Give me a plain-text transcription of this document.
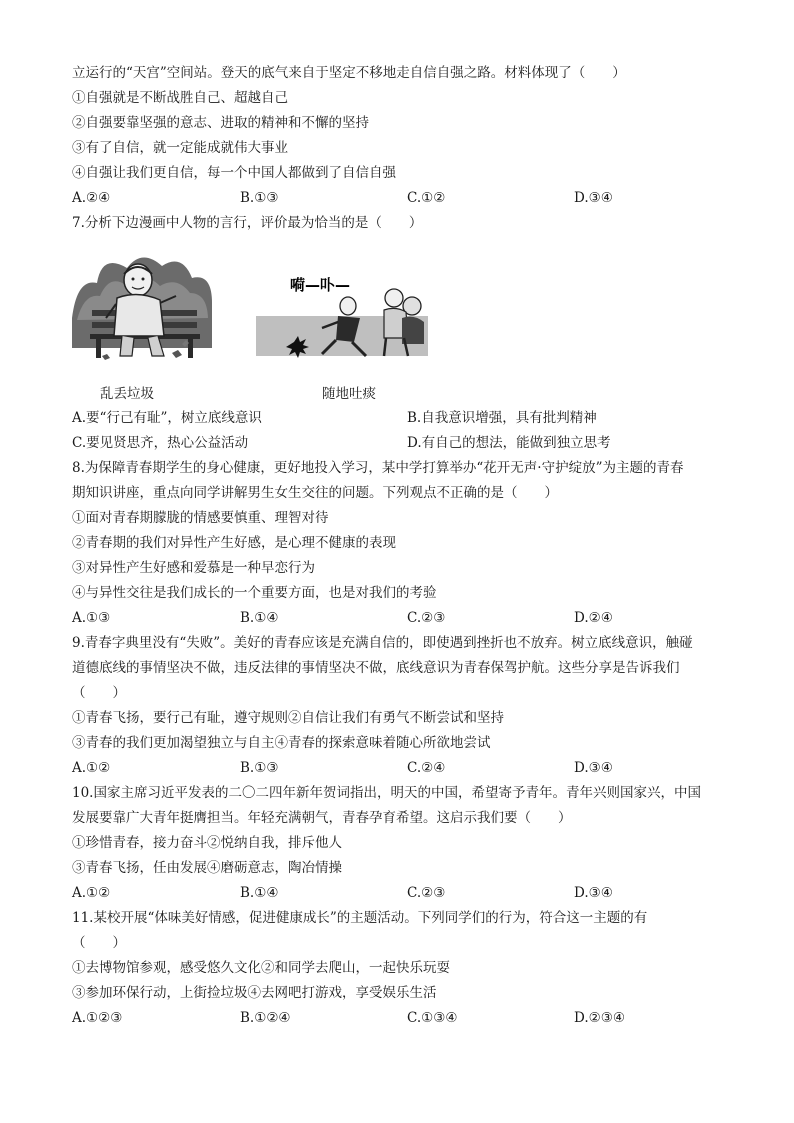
立运行的“天宫”空间站。登天的底气来自于坚定不移地走自信自强之路。材料体现了（　　）
①自强就是不断战胜自己、超越自己
②自强要靠坚强的意志、进取的精神和不懈的坚持
③有了自信，就一定能成就伟大事业
④自强让我们更自信，每一个中国人都做到了自信自强
A.②④	B.①③	C.①②	D.③④
7.分析下边漫画中人物的言行，评价最为恰当的是（　　）
嗬—卟—
乱丢垃圾	随地吐痰
A.要“行己有耻”，树立底线意识	B.自我意识增强，具有批判精神
C.要见贤思齐，热心公益活动	D.有自己的想法，能做到独立思考
8.为保障青春期学生的身心健康，更好地投入学习，某中学打算举办“花开无声·守护绽放”为主题的青春
期知识讲座，重点向同学讲解男生女生交往的问题。下列观点不正确的是（　　）
①面对青春期朦胧的情感要慎重、理智对待
②青春期的我们对异性产生好感，是心理不健康的表现
③对异性产生好感和爱慕是一种早恋行为
④与异性交往是我们成长的一个重要方面，也是对我们的考验
A.①③	B.①④	C.②③	D.②④
9.青春字典里没有“失败”。美好的青春应该是充满自信的，即使遇到挫折也不放弃。树立底线意识，触碰
道德底线的事情坚决不做，违反法律的事情坚决不做，底线意识为青春保驾护航。这些分享是告诉我们
（　　）
①青春飞扬，要行己有耻，遵守规则②自信让我们有勇气不断尝试和坚持
③青春的我们更加渴望独立与自主④青春的探索意味着随心所欲地尝试
A.①②	B.①③	C.②④	D.③④
10.国家主席习近平发表的二〇二四年新年贺词指出，明天的中国，希望寄予青年。青年兴则国家兴，中国
发展要靠广大青年挺膺担当。年轻充满朝气，青春孕育希望。这启示我们要（　　）
①珍惜青春，接力奋斗②悦纳自我，排斥他人
③青春飞扬，任由发展④磨砺意志，陶冶情操
A.①②	B.①④	C.②③	D.③④
11.某校开展“体味美好情感，促进健康成长”的主题活动。下列同学们的行为，符合这一主题的有
（　　）
①去博物馆参观，感受悠久文化②和同学去爬山，一起快乐玩耍
③参加环保行动，上街捡垃圾④去网吧打游戏，享受娱乐生活
A.①②③	B.①②④	C.①③④	D.②③④
